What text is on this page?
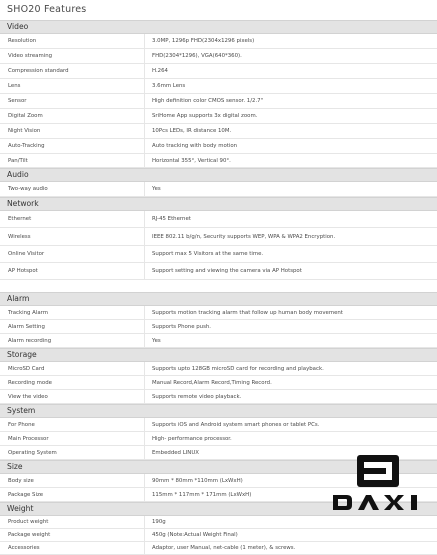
SHO20 Features
Video
Resolution	3.0MP, 1296p FHD(2304x1296 pixels)
Video streaming	FHD(2304*1296), VGA(640*360).
Compression standard	H.264
Lens	3.6mm Lens
Sensor	High definition color CMOS sensor. 1/2.7"
Digital Zoom	SriHome App supports 3x digital zoom.
Night Vision	10Pcs LEDs, IR distance 10M.
Auto-Tracking	Auto tracking with body motion
Pan/Tilt	Horizontal 355°, Vertical 90°.
Audio
Two-way audio	Yes
Network
Ethernet	RJ-45 Ethernet
Wireless	IEEE 802.11 b/g/n, Security supports WEP, WPA & WPA2 Encryption.
Online Visitor	Support max 5 Visitors at the same time.
AP Hotspot	Support setting and viewing the camera via AP Hotspot
Alarm
Tracking Alarm	Supports motion tracking alarm that follow up human body movement
Alarm Setting	Supports Phone push.
Alarm recording	Yes
Storage
MicroSD Card	Supports upto 128GB microSD card for recording and playback.
Recording mode	Manual Record,Alarm Record,Timing Record.
View the video	Supports remote video playback.
System
For Phone	Supports iOS and Android system smart phones or tablet PCs.
Main Processor	High- performance processor.
Operating System	Embedded LINUX
Size
Body size	90mm * 80mm *110mm (LxWxH)
Package Size	115mm * 117mm * 171mm (LxWxH)
Weight
Product weight	190g
Package weight	450g (Note:Actual Weight Final)
Accessories	Adaptor, user Manual, net-cable (1 meter), & screws.
